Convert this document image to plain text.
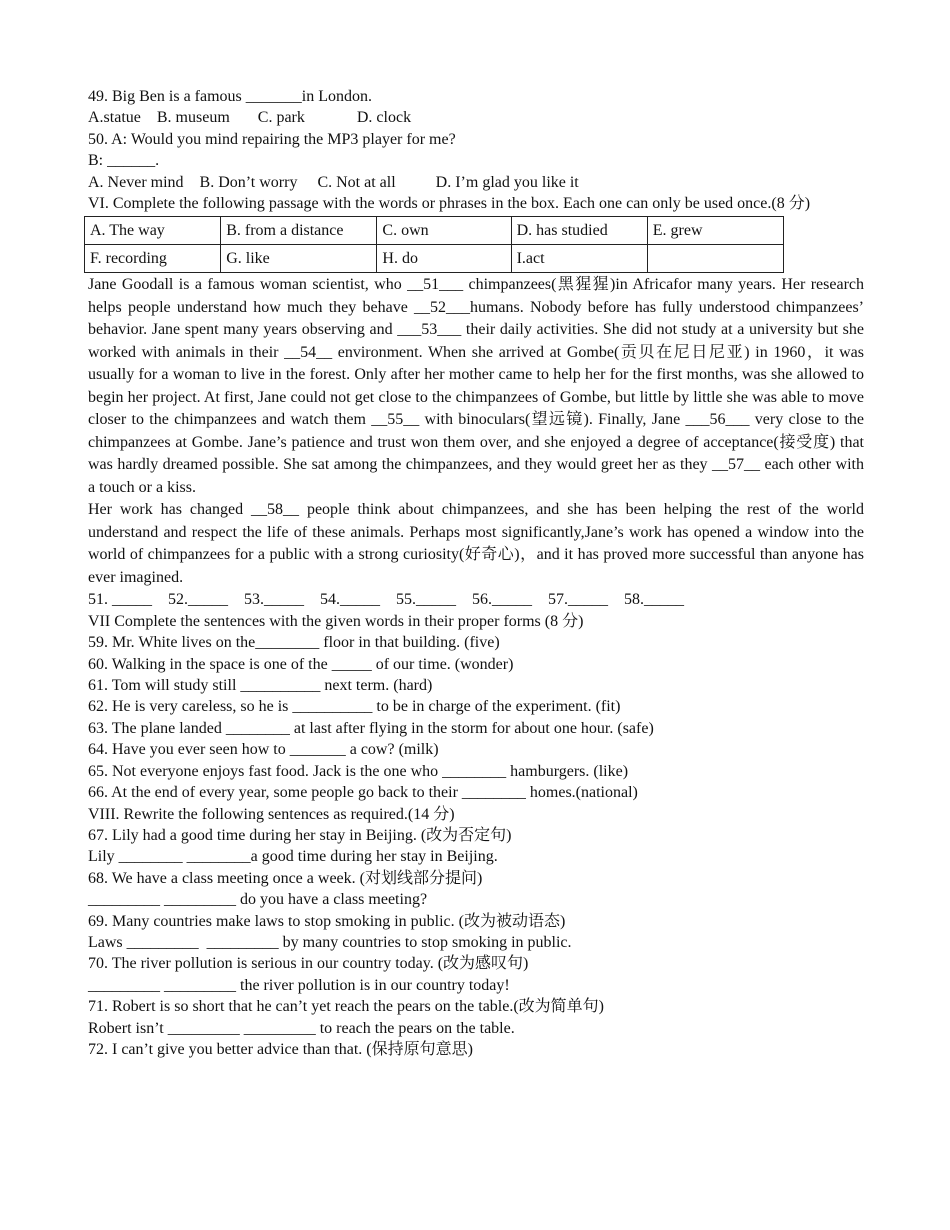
49. Big Ben is a famous _______in London.
A.statue    B. museum       C. park             D. clock
50. A: Would you mind repairing the MP3 player for me?
B: ______.
A. Never mind    B. Don’t worry     C. Not at all          D. I’m glad you like it
VI. Complete the following passage with the words or phrases in the box. Each one can only be used once.(8 分)
A. The way	B. from a distance	C. own	D. has studied	E. grew
F. recording	G. like	H. do	I.act	
Jane Goodall is a famous woman scientist, who __51___ chimpanzees(黑猩猩)in Africafor many years. Her research helps people understand how much they behave __52___humans. Nobody before has fully understood chimpanzees’ behavior. Jane spent many years observing and ___53___ their daily activities. She did not study at a university but she worked with animals in their __54__ environment. When she arrived at Gombe(贡贝在尼日尼亚) in 1960，it was usually for a woman to live in the forest. Only after her mother came to help her for the first months, was she allowed to begin her project. At first, Jane could not get close to the chimpanzees of Gombe, but little by little she was able to move closer to the chimpanzees and watch them __55__ with binoculars(望远镜). Finally, Jane ___56___ very close to the chimpanzees at Gombe. Jane’s patience and trust won them over, and she enjoyed a degree of acceptance(接受度) that was hardly dreamed possible. She sat among the chimpanzees, and they would greet her as they __57__ each other with a touch or a kiss.
Her work has changed __58__ people think about chimpanzees, and she has been helping the rest of the world understand and respect the life of these animals. Perhaps most significantly,Jane’s work has opened a window into the world of chimpanzees for a public with a strong curiosity(好奇心)，and it has proved more successful than anyone has ever imagined.
51. _____    52._____    53._____    54._____    55._____    56._____    57._____    58._____
VII Complete the sentences with the given words in their proper forms (8 分)
59. Mr. White lives on the________ floor in that building. (five)
60. Walking in the space is one of the _____ of our time. (wonder)
61. Tom will study still __________ next term. (hard)
62. He is very careless, so he is __________ to be in charge of the experiment. (fit)
63. The plane landed ________ at last after flying in the storm for about one hour. (safe)
64. Have you ever seen how to _______ a cow? (milk)
65. Not everyone enjoys fast food. Jack is the one who ________ hamburgers. (like)
66. At the end of every year, some people go back to their ________ homes.(national)
VIII. Rewrite the following sentences as required.(14 分)
67. Lily had a good time during her stay in Beijing. (改为否定句)
Lily ________ ________a good time during her stay in Beijing.
68. We have a class meeting once a week. (对划线部分提问)
_________ _________ do you have a class meeting?
69. Many countries make laws to stop smoking in public. (改为被动语态)
Laws _________  _________ by many countries to stop smoking in public.
70. The river pollution is serious in our country today. (改为感叹句)
_________ _________ the river pollution is in our country today!
71. Robert is so short that he can’t yet reach the pears on the table.(改为简单句)
Robert isn’t _________ _________ to reach the pears on the table.
72. I can’t give you better advice than that. (保持原句意思)
